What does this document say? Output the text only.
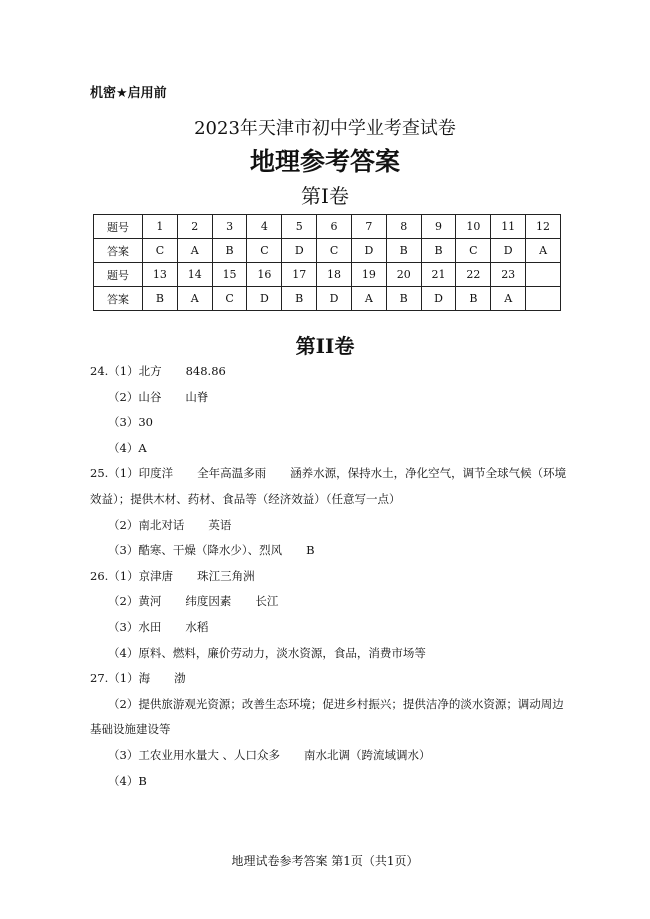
机密★启用前
2023年天津市初中学业考查试卷
地理参考答案
第I卷
题号	1	2	3	4	5	6	7	8	9	10	11	12
答案	C	A	B	C	D	C	D	B	B	C	D	A
题号	13	14	15	16	17	18	19	20	21	22	23	
答案	B	A	C	D	B	D	A	B	D	B	A	
第II卷
24.（1）北方 848.86
（2）山谷 山脊
（3）30
（4）A
25.（1）印度洋 全年高温多雨 涵养水源，保持水土，净化空气，调节全球气候（环境
效益）；提供木材、药材、食品等（经济效益）（任意写一点）
（2）南北对话 英语
（3）酷寒、干燥（降水少）、烈风 B
26.（1）京津唐 珠江三角洲
（2）黄河 纬度因素 长江
（3）水田 水稻
（4）原料、燃料，廉价劳动力，淡水资源，食品，消费市场等
27.（1）海 渤
（2）提供旅游观光资源；改善生态环境；促进乡村振兴；提供洁净的淡水资源；调动周边
基础设施建设等
（3）工农业用水量大 、人口众多 南水北调（跨流域调水）
（4）B
地理试卷参考答案 第1页（共1页）
